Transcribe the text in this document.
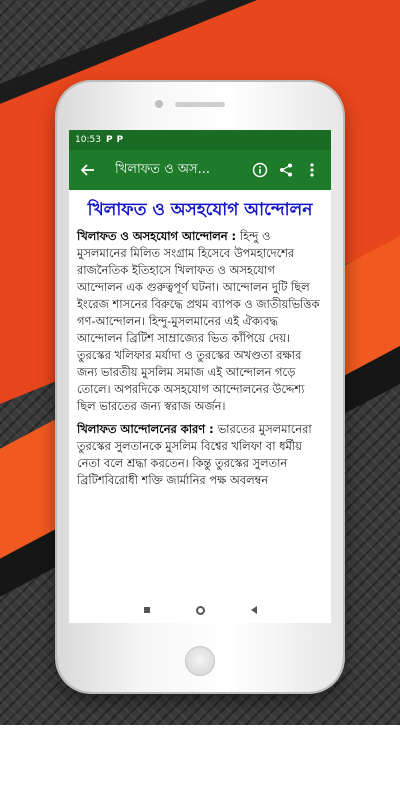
10:53 P P
খিলাফত ও অস...
খিলাফত ও অসহযোগ আন্দোলন

খিলাফত ও অসহযোগ আন্দোলন : হিন্দু ও মুসলমানের মিলিত সংগ্রাম হিসেবে উপমহাদেশের রাজনৈতিক ইতিহাসে খিলাফত ও অসহযোগ আন্দোলন এক গুরুত্বপূর্ণ ঘটনা। আন্দোলন দুটি ছিল ইংরেজ শাসনের বিরুদ্ধে প্রথম ব্যাপক ও জাতীয়ভিত্তিক গণ-আন্দোলন। হিন্দু-মুসলমানের এই ঐক্যবদ্ধ আন্দোলন ব্রিটিশ সাম্রাজ্যের ভিত কাঁপিয়ে দেয়। তুরস্কের খলিফার মর্যাদা ও তুরস্কের অখণ্ডতা রক্ষার জন্য ভারতীয় মুসলিম সমাজ এই আন্দোলন গড়ে তোলে। অপরদিকে অসহযোগ আন্দোলনের উদ্দেশ্য ছিল ভারতের জন্য স্বরাজ অর্জন।

খিলাফত আন্দোলনের কারণ : ভারতের মুসলমানেরা তুরস্কের সুলতানকে মুসলিম বিশ্বের খলিফা বা ধর্মীয় নেতা বলে শ্রদ্ধা করতেন। কিন্তু তুরস্কের সুলতান ব্রিটিশবিরোধী শক্তি জার্মানির পক্ষ অবলম্বন
